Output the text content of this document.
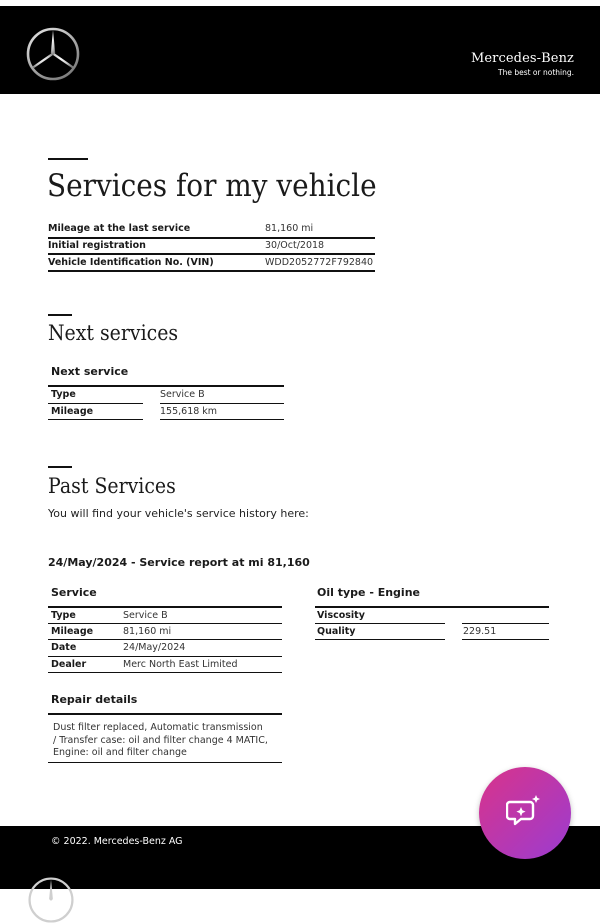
Mercedes-Benz
The best or nothing.
Services for my vehicle
Mileage at the last service	81,160 mi
Initial registration	30/Oct/2018
Vehicle Identification No. (VIN)	WDD2052772F792840
Next services
Next service
Type	Service B
Mileage	155,618 km
Past Services
You will find your vehicle's service history here:
24/May/2024 - Service report at mi 81,160
Service
Type	Service B
Mileage	81,160 mi
Date	24/May/2024
Dealer	Merc North East Limited
Oil type - Engine
Viscosity
Quality	229.51
Repair details
Dust filter replaced, Automatic transmission / Transfer case: oil and filter change 4 MATIC, Engine: oil and filter change
© 2022. Mercedes-Benz AG
